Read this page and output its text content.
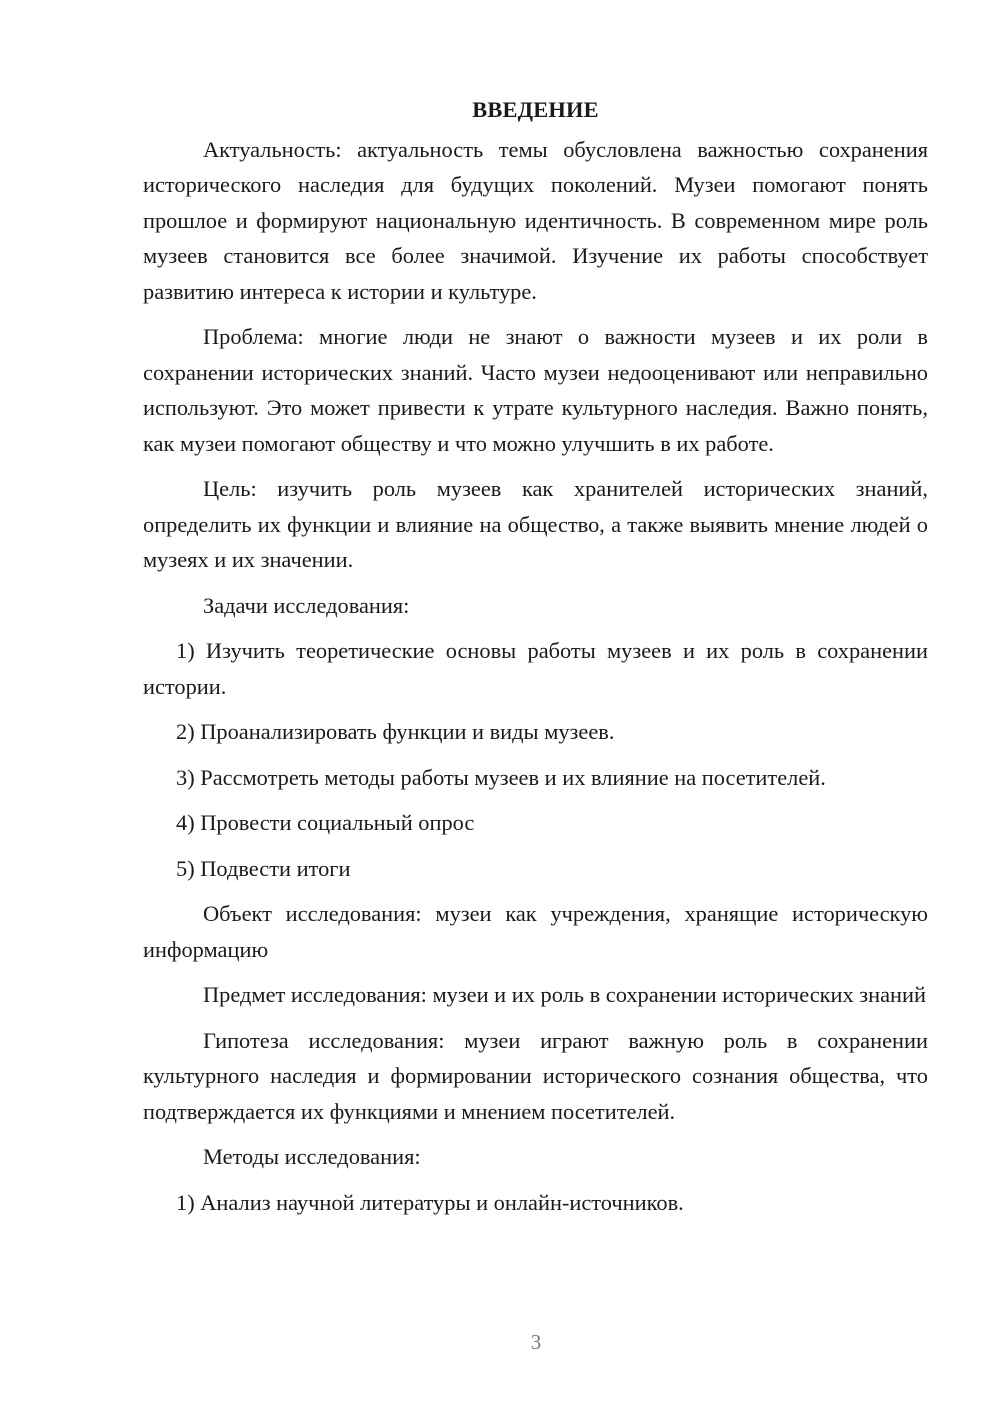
ВВЕДЕНИЕ

Актуальность: актуальность темы обусловлена важностью сохранения исторического наследия для будущих поколений. Музеи помогают понять прошлое и формируют национальную идентичность. В современном мире роль музеев становится все более значимой. Изучение их работы способствует развитию интереса к истории и культуре.

Проблема: многие люди не знают о важности музеев и их роли в сохранении исторических знаний. Часто музеи недооценивают или неправильно используют. Это может привести к утрате культурного наследия. Важно понять, как музеи помогают обществу и что можно улучшить в их работе.

Цель: изучить роль музеев как хранителей исторических знаний, определить их функции и влияние на общество, а также выявить мнение людей о музеях и их значении.

Задачи исследования:

1) Изучить теоретические основы работы музеев и их роль в сохранении истории.

2) Проанализировать функции и виды музеев.

3) Рассмотреть методы работы музеев и их влияние на посетителей.

4) Провести социальный опрос

5) Подвести итоги

Объект исследования: музеи как учреждения, хранящие историческую информацию

Предмет исследования: музеи и их роль в сохранении исторических знаний

Гипотеза исследования: музеи играют важную роль в сохранении культурного наследия и формировании исторического сознания общества, что подтверждается их функциями и мнением посетителей.

Методы исследования:

1) Анализ научной литературы и онлайн-источников.

3
